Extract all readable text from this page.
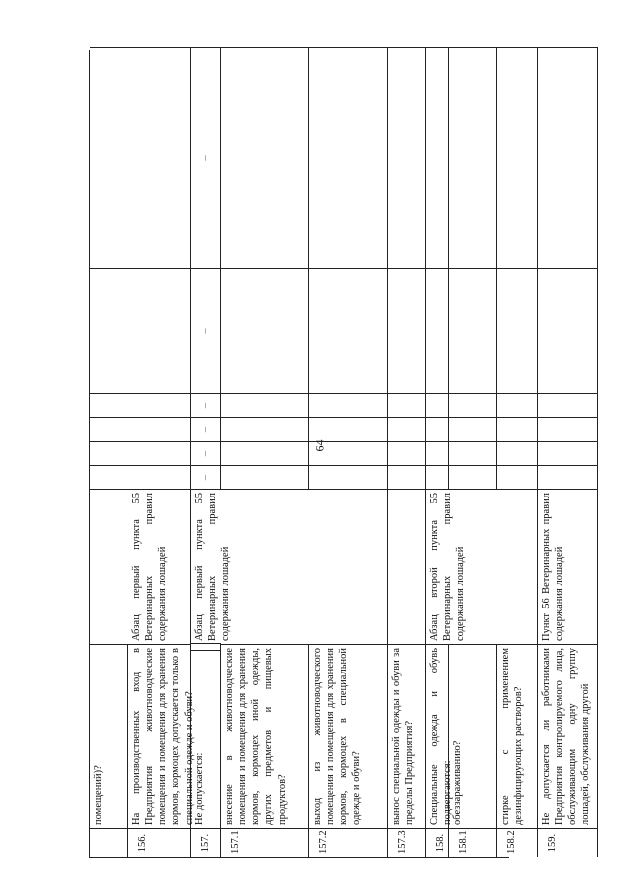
64
помещений)?
156.
На производственных вход в Предприятия животноводческие помещения и помещения для хранения кормов, кормоцех допускается только в специальной одежде и обуви?
Абзац первый пункта 55 Ветеринарных правил содержания лошадей
157.
Не допускается:
Абзац первый пункта 55 Ветеринарных правил содержания лошадей
–
–
–
–
–
–
157.1
внесение в животноводческие помещения и помещения для хранения кормов, кормоцех иной одежды, других предметов и пищевых продуктов?
157.2
выход из животноводческого помещения и помещения для хранения кормов, кормоцех в специальной одежде и обуви?
157.3
вынос специальной одежды и обуви за пределы Предприятия?
158.
Специальные одежда и обувь подвергаются:
Абзац второй пункта 55 Ветеринарных правил содержания лошадей
158.1
обеззараживанию?
158.2
стирке с применением дезинфицирующих растворов?
159.
Не допускается ли работниками Предприятия контролируемого лица, обслуживающим одну группу лошадей, обслуживания другой
Пункт 56 Ветеринарных правил содержания лошадей
